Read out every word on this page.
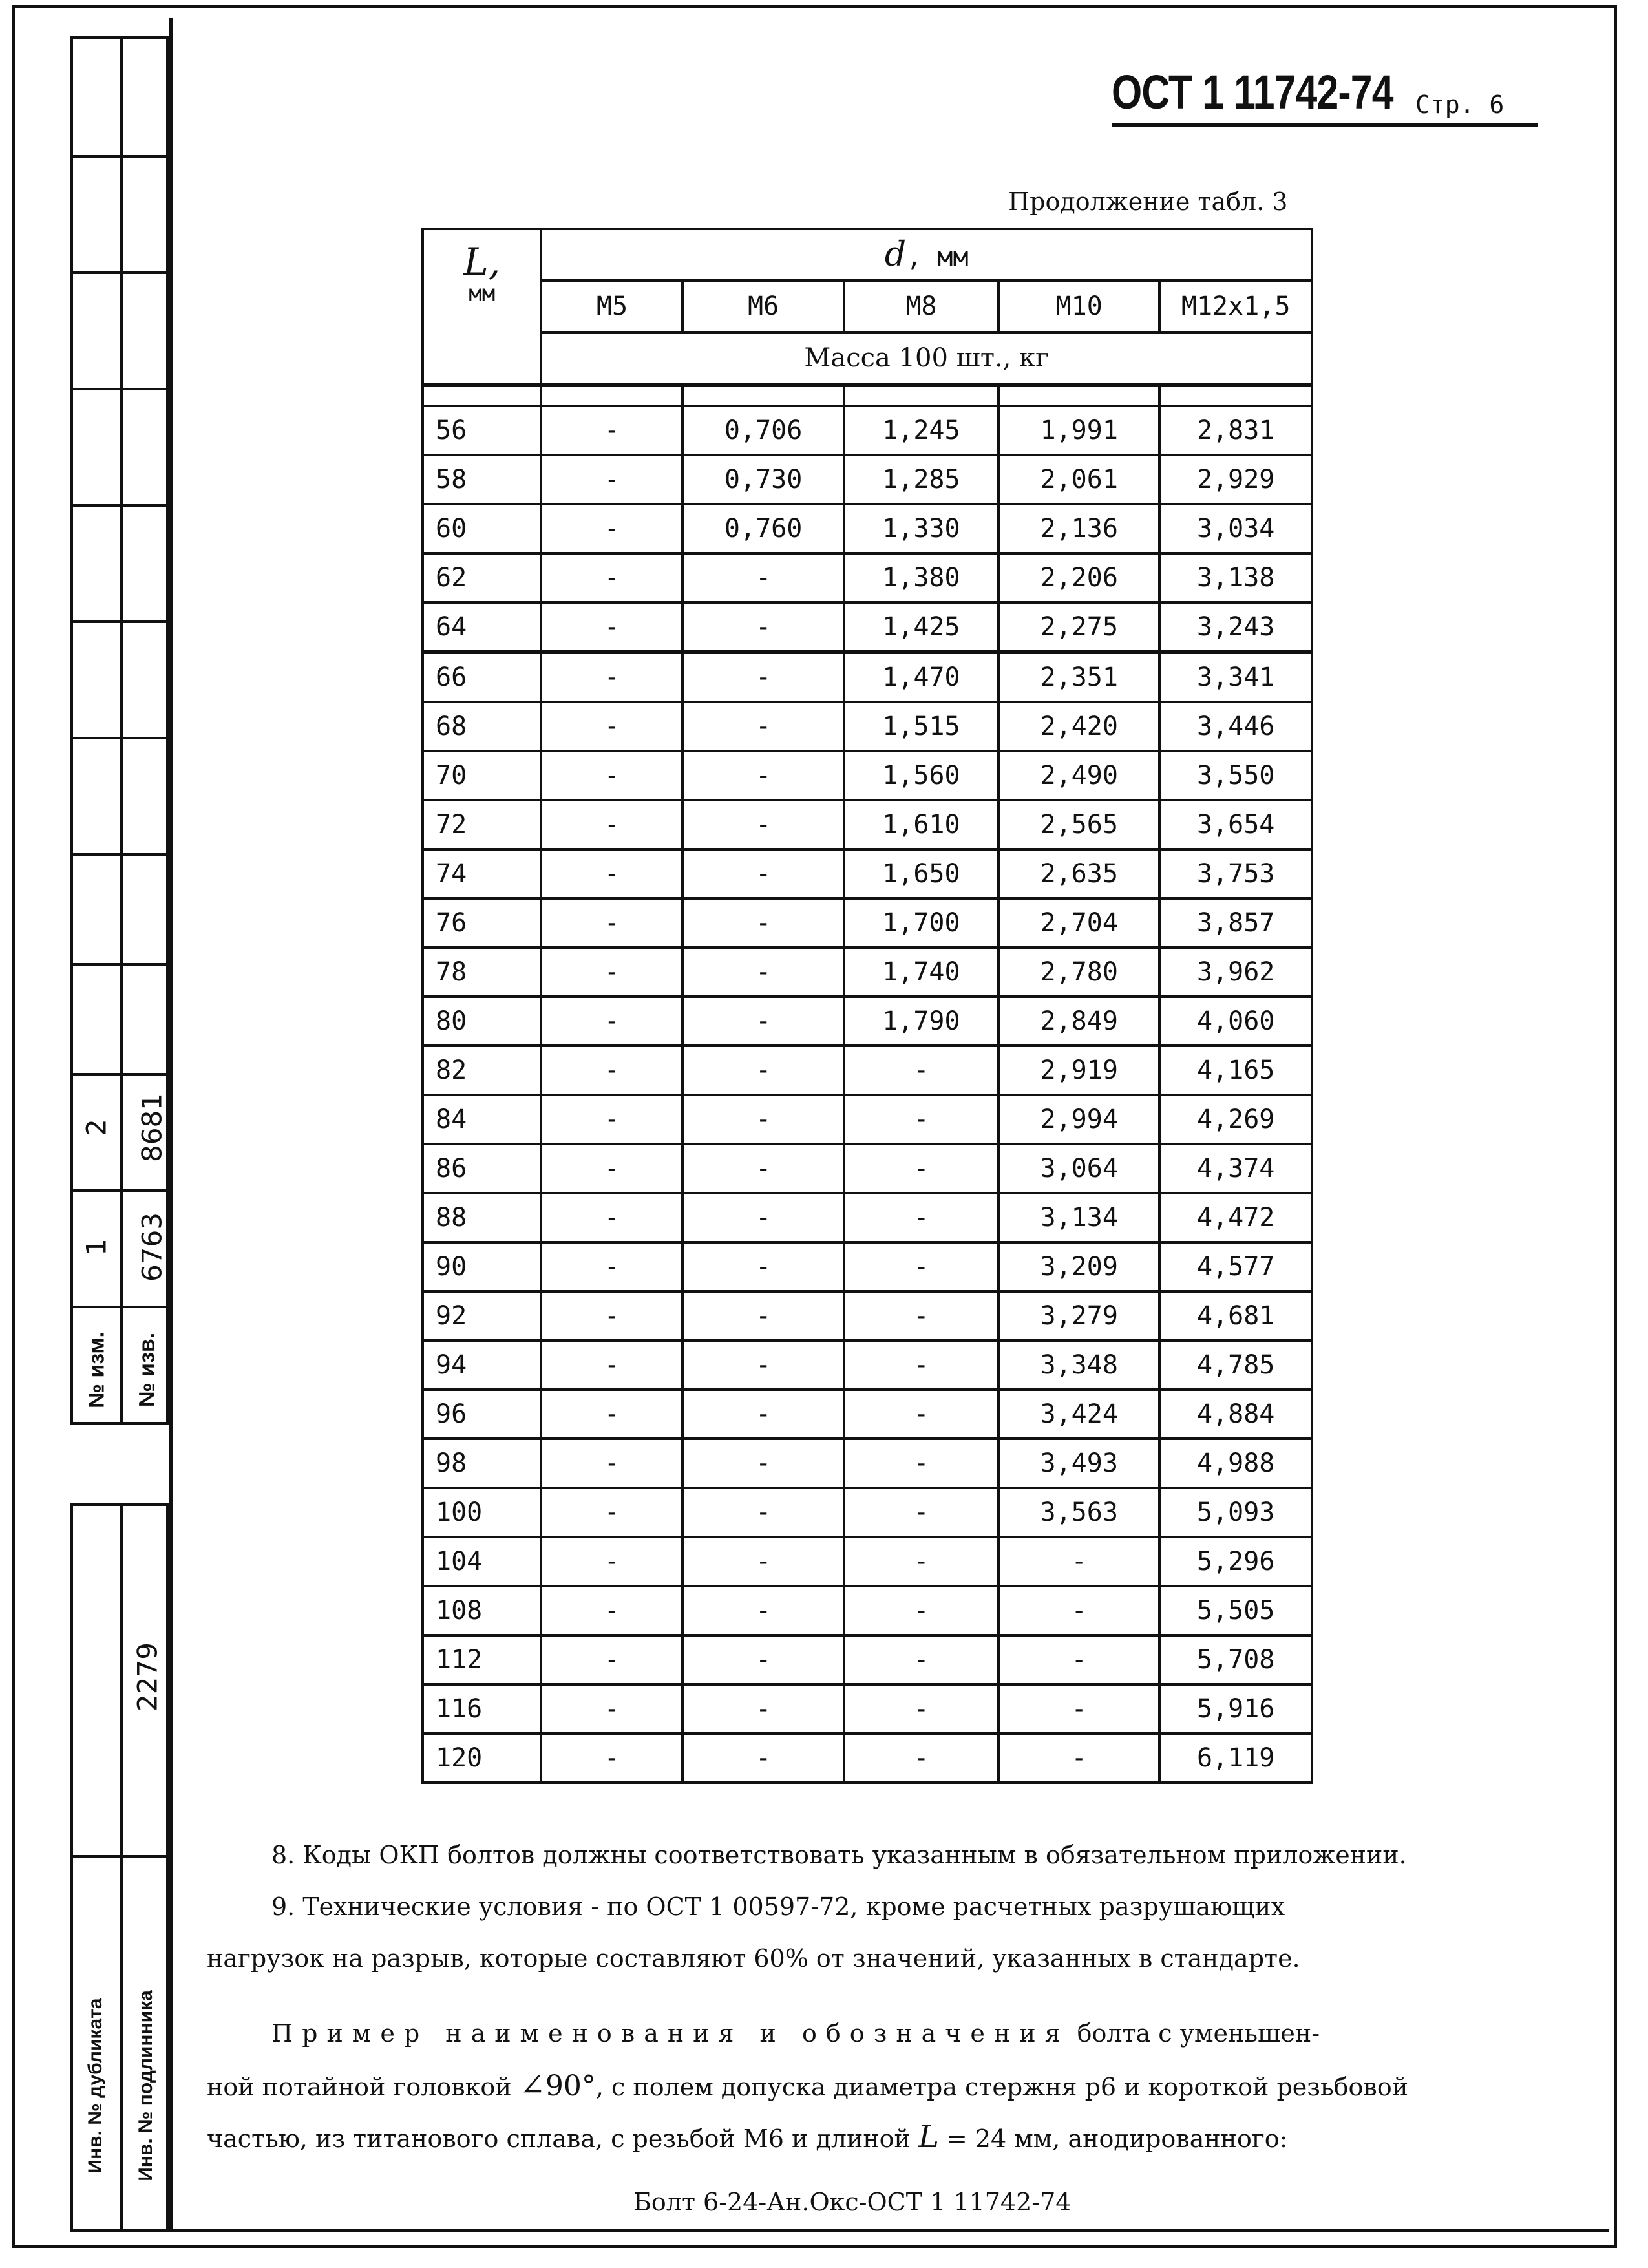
2 8681
1 6763
№ изм. № изв.
2279
Инв. № дубликата Инв. № подлинника
ОСТ 1 11742-74 Стр. 6
Продолжение табл. 3
L,
мм	d, мм				
	M5	M6	M8	M10	M12x1,5
	Масса 100 шт., кг				

56	-	0,706	1,245	1,991	2,831
58	-	0,730	1,285	2,061	2,929
60	-	0,760	1,330	2,136	3,034
62	-	-	1,380	2,206	3,138
64	-	-	1,425	2,275	3,243
66	-	-	1,470	2,351	3,341
68	-	-	1,515	2,420	3,446
70	-	-	1,560	2,490	3,550
72	-	-	1,610	2,565	3,654
74	-	-	1,650	2,635	3,753
76	-	-	1,700	2,704	3,857
78	-	-	1,740	2,780	3,962
80	-	-	1,790	2,849	4,060
82	-	-	-	2,919	4,165
84	-	-	-	2,994	4,269
86	-	-	-	3,064	4,374
88	-	-	-	3,134	4,472
90	-	-	-	3,209	4,577
92	-	-	-	3,279	4,681
94	-	-	-	3,348	4,785
96	-	-	-	3,424	4,884
98	-	-	-	3,493	4,988
100	-	-	-	3,563	5,093
104	-	-	-	-	5,296
108	-	-	-	-	5,505
112	-	-	-	-	5,708
116	-	-	-	-	5,916
120	-	-	-	-	6,119

8. Коды ОКП болтов должны соответствовать указанным в обязательном приложении.

9. Технические условия - по ОСТ 1 00597-72, кроме расчетных разрушающих

нагрузок на разрыв, которые составляют 60% от значений, указанных в стандарте.

Пример наименования и обозначения болта с уменьшен-

ной потайной головкой ∠90°, с полем допуска диаметра стержня р6 и короткой резьбовой

частью, из титанового сплава, с резьбой М6 и длиной L = 24 мм, анодированного:

Болт 6-24-Ан.Окс-ОСТ 1 11742-74
